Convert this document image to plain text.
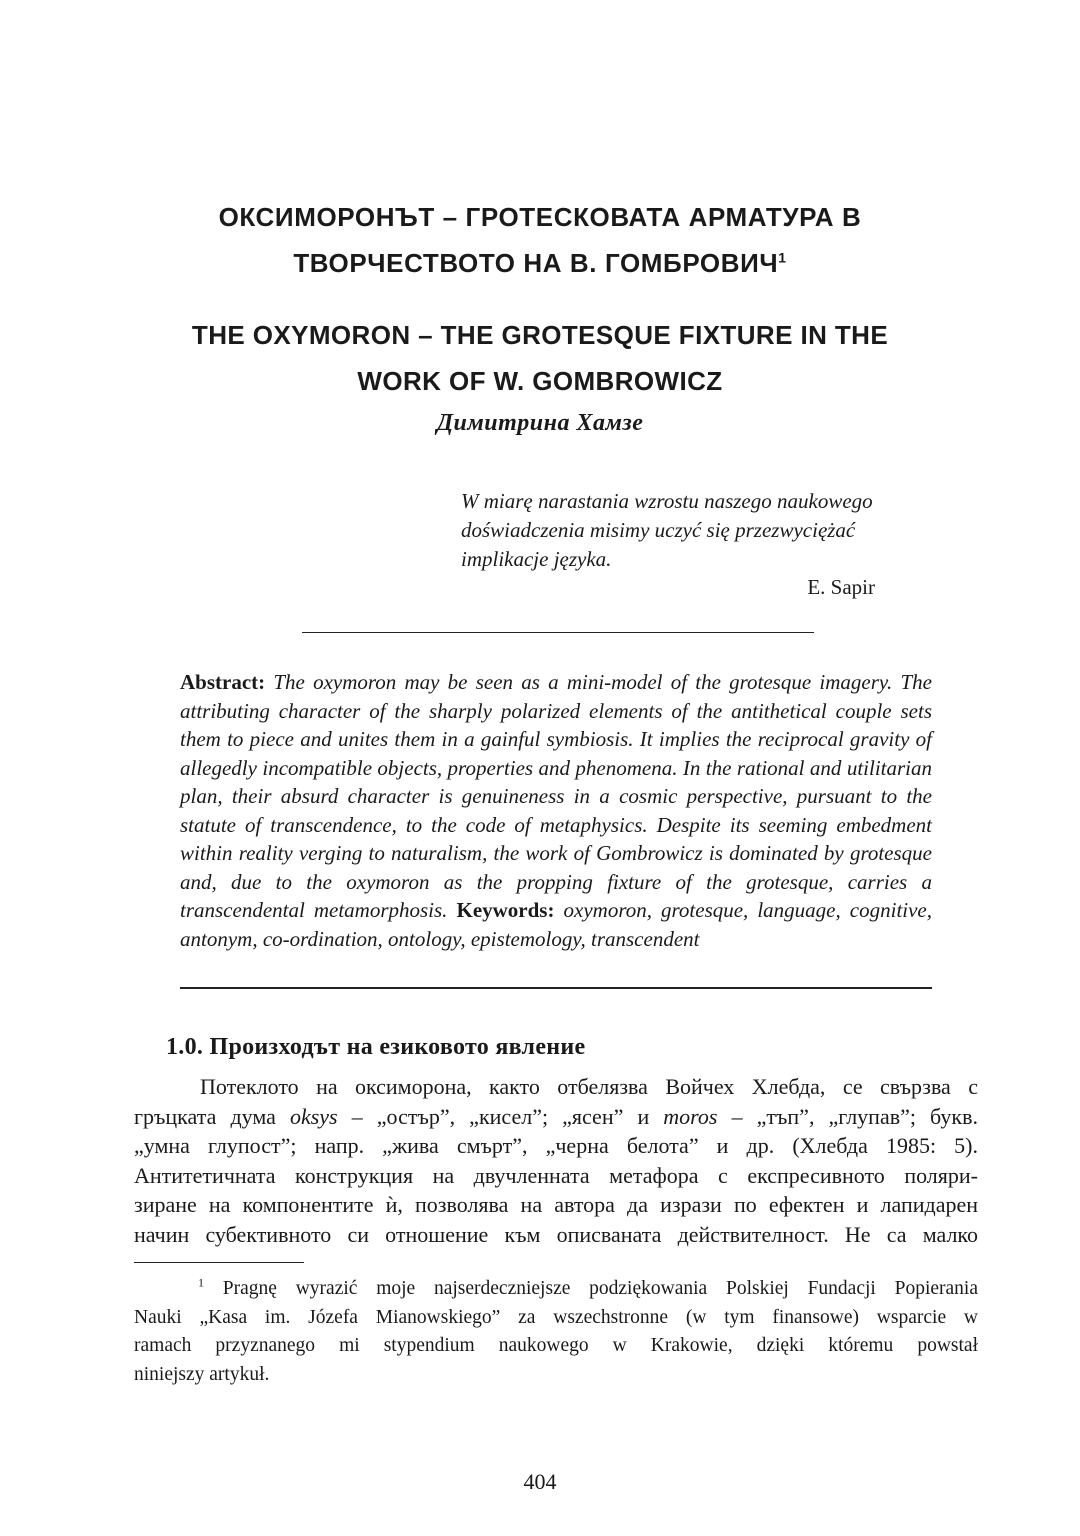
ОКСИМОРОНЪТ – ГРОТЕСКОВАТА АРМАТУРА В
ТВОРЧЕСТВОТО НА В. ГОМБРОВИЧ$^1$
THE OXYMORON – THE GROTESQUE FIXTURE IN THE
WORK OF W. GOMBROWICZ
Димитрина Хамзе
W miarę narastania wzrostu naszego naukowego
doświadczenia misimy uczyć się przezwyciężać
implikacje języka.
E. Sapir
Abstract: The oxymoron may be seen as a mini-model of the grotesque imagery. The attributing character of the sharply polarized elements of the antithetical couple sets them to piece and unites them in a gainful symbiosis. It implies the reciprocal gravity of allegedly incompatible objects, properties and phenomena. In the rational and utilitarian plan, their absurd character is genuineness in a cosmic perspective, pursuant to the statute of transcendence, to the code of metaphysics. Despite its seeming embedment within reality verging to naturalism, the work of Gombrowicz is dominated by grotesque and, due to the oxymoron as the propping fixture of the grotesque, carries a transcendental metamorphosis. Keywords: oxymoron, grotesque, language, cognitive, antonym, co-ordination, ontology, epistemology, transcendent
1.0. Произходът на езиковото явление
Потеклото на оксиморона, както отбелязва Войчех Хлебда, се свързва с
гръцката дума oksys – „остър”, „кисел”; „ясен” и moros – „тъп”, „глупав”; букв.
„умна глупост”; напр. „жива смърт”, „черна белота” и др. (Хлебда 1985: 5).
Антитетичната конструкция на двучленната метафора с експресивното поляри-
зиране на компонентите ѝ, позволява на автора да изрази по ефектен и лапидарен
начин субективното си отношение към описваната действителност. Не са малко
$^1$ Pragnę wyrazić moje najserdeczniejsze podziękowania Polskiej Fundacji Popierania
Nauki „Kasa im. Józefa Mianowskiego” za wszechstronne (w tym finansowe) wsparcie w
ramach przyznanego mi stypendium naukowego w Krakowie, dzięki któremu powstał
niniejszy artykuł.
404
